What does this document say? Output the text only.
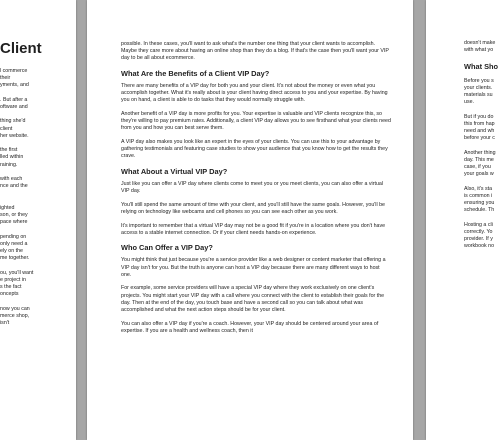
Client
l commerce
their
yments, and

. But after a
oftware and

thing she'd
client
her website.

the first
lled within
raining.

with each
nce and the

ighted
son, or they
pace where

pending on
only need a
ely on the
me together.

ou, you'll want
e project in
s the fact
oncepts

now you can
merce shop,
isn't

possible. In these cases, you'll want to ask what's the number one thing that your client wants to accomplish. Maybe they care more about having an online shop than they do a blog. If that's the case then you'll want your VIP day to be all about ecommerce.

What Are the Benefits of a Client VIP Day?

There are many benefits of a VIP day for both you and your client. It's not about the money or even what you accomplish together. What it's really about is your client having direct access to you and your expertise. By having you on hand, a client is able to do tasks that they would normally struggle with.

Another benefit of a VIP day is more profits for you. Your expertise is valuable and VIP clients recognize this, so they're willing to pay premium rates. Additionally, a client VIP day allows you to see firsthand what your clients need from you and how you can best serve them.

A VIP day also makes you look like an expert in the eyes of your clients. You can use this to your advantage by gathering testimonials and featuring case studies to show your audience that you know how to get the results they crave.

What About a Virtual VIP Day?

Just like you can offer a VIP day where clients come to meet you or you meet clients, you can also offer a virtual VIP day.

You'll still spend the same amount of time with your client, and you'll still have the same goals. However, you'll be relying on technology like webcams and cell phones so you can see each other as you work.

It's important to remember that a virtual VIP day may not be a good fit if you're in a location where you don't have access to a stable internet connection. Or if your client needs hands-on experience.

Who Can Offer a VIP Day?

You might think that just because you're a service provider like a web designer or content marketer that offering a VIP day isn't for you. But the truth is anyone can host a VIP day because there are many different ways to host one.

For example, some service providers will have a special VIP day where they work exclusively on one client's projects. You might start your VIP day with a call where you connect with the client to establish their goals for the day. Then at the end of the day, you touch base and have a second call so you can talk about what was accomplished and what the next action steps should be for your client.

You can also offer a VIP day if you're a coach. However, your VIP day should be centered around your area of expertise. If you are a health and wellness coach, then it

doesn't make
with what yo

What Sho

Before you s
your clients.
materials su
use.

But if you do
this from hap
need and wh
before your c

Another thing
day. This me
case, if you
your goals w

Also, it's sta
is common i
ensuring you
schedule. Th

Hosting a cli
correctly. Yo
provider. If y
workbook no
